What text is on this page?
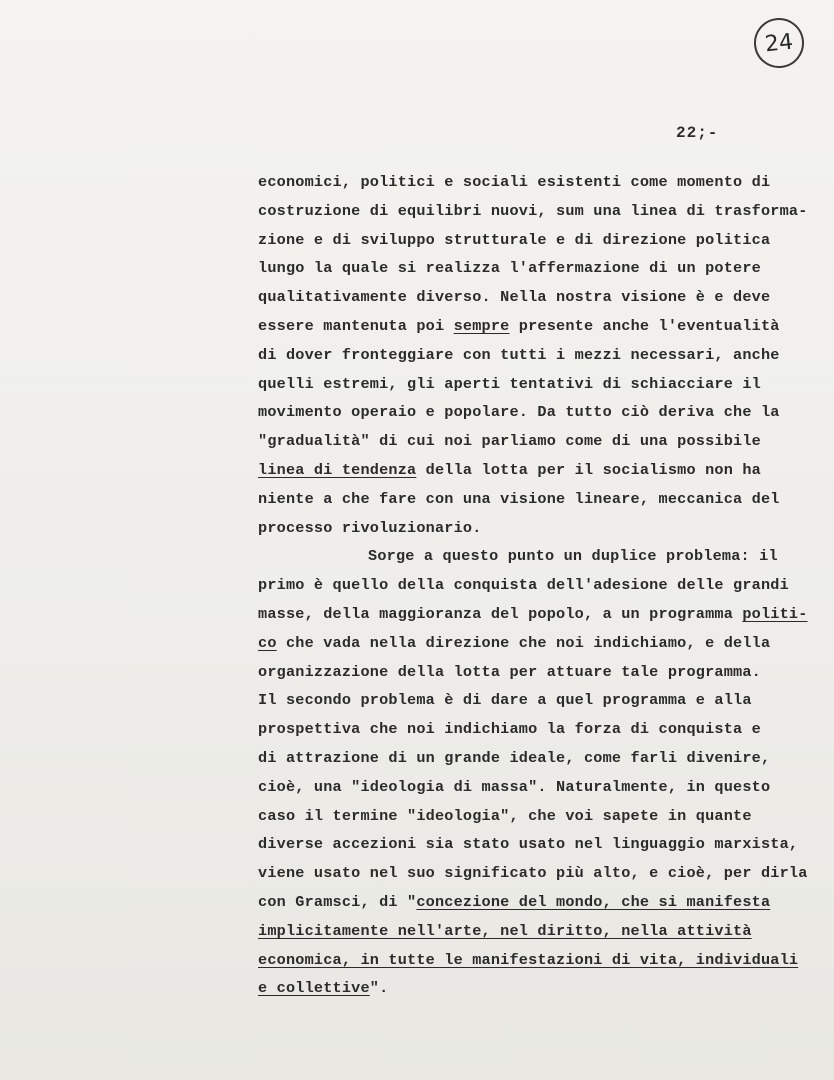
24
22;-
economici, politici e sociali esistenti come momento di
costruzione di equilibri nuovi, sum una linea di trasforma-
zione e di sviluppo strutturale e di direzione politica
lungo la quale si realizza l'affermazione di un potere
qualitativamente diverso. Nella nostra visione è e deve
essere mantenuta poi sempre presente anche l'eventualità
di dover fronteggiare con tutti i mezzi necessari, anche
quelli estremi, gli aperti tentativi di schiacciare il
movimento operaio e popolare. Da tutto ciò deriva che la
"gradualità" di cui noi parliamo come di una possibile
linea di tendenza della lotta per il socialismo non ha
niente a che fare con una visione lineare, meccanica del
processo rivoluzionario.
Sorge a questo punto un duplice problema: il
primo è quello della conquista dell'adesione delle grandi
masse, della maggioranza del popolo, a un programma politi-
co che vada nella direzione che noi indichiamo, e della
organizzazione della lotta per attuare tale programma.
Il secondo problema è di dare a quel programma e alla
prospettiva che noi indichiamo la forza di conquista e
di attrazione di un grande ideale, come farli divenire,
cioè, una "ideologia di massa". Naturalmente, in questo
caso il termine "ideologia", che voi sapete in quante
diverse accezioni sia stato usato nel linguaggio marxista,
viene usato nel suo significato più alto, e cioè, per dirla
con Gramsci, di "concezione del mondo, che si manifesta
implicitamente nell'arte, nel diritto, nella attività
economica, in tutte le manifestazioni di vita, individuali
e collettive".
